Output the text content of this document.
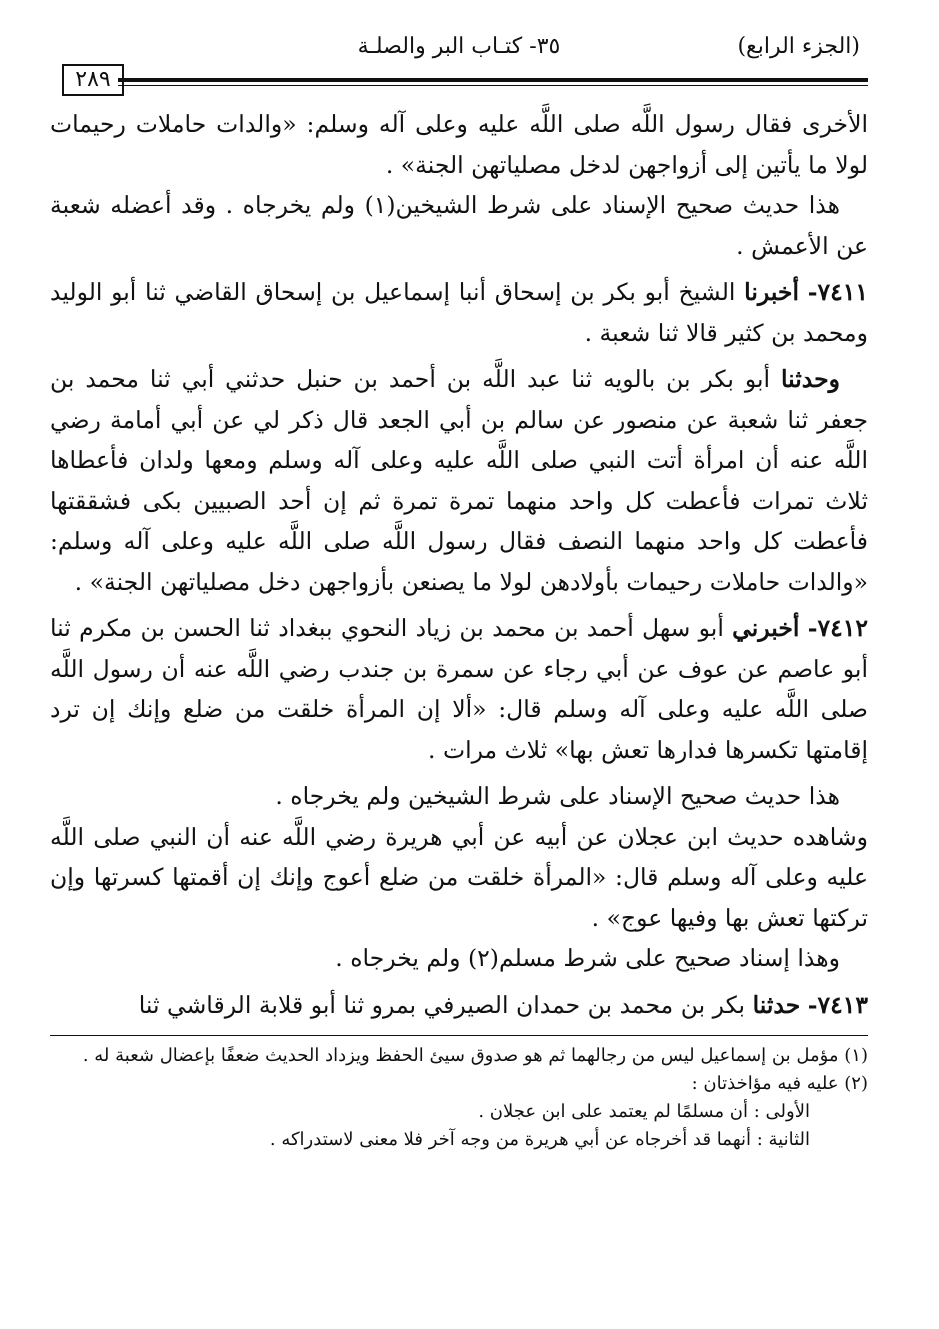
(الجزء الرابع)
٣٥- كتـاب البر والصلـة
٢٨٩

الأخرى فقال رسول اللَّه صلى اللَّه عليه وعلى آله وسلم: «والدات حاملات رحيمات لولا ما يأتين إلى أزواجهن لدخل مصلياتهن الجنة» .

هذا حديث صحيح الإسناد على شرط الشيخين(١) ولم يخرجاه . وقد أعضله شعبة عن الأعمش .

٧٤١١- أخبرنا الشيخ أبو بكر بن إسحاق أنبا إسماعيل بن إسحاق القاضي ثنا أبو الوليد ومحمد بن كثير قالا ثنا شعبة .

وحدثنا أبو بكر بن بالويه ثنا عبد اللَّه بن أحمد بن حنبل حدثني أبي ثنا محمد بن جعفر ثنا شعبة عن منصور عن سالم بن أبي الجعد قال ذكر لي عن أبي أمامة رضي اللَّه عنه أن امرأة أتت النبي صلى اللَّه عليه وعلى آله وسلم ومعها ولدان فأعطاها ثلاث تمرات فأعطت كل واحد منهما تمرة تمرة ثم إن أحد الصبيين بكى فشققتها فأعطت كل واحد منهما النصف فقال رسول اللَّه صلى اللَّه عليه وعلى آله وسلم: «والدات حاملات رحيمات بأولادهن لولا ما يصنعن بأزواجهن دخل مصلياتهن الجنة» .

٧٤١٢- أخبرني أبو سهل أحمد بن محمد بن زياد النحوي ببغداد ثنا الحسن بن مكرم ثنا أبو عاصم عن عوف عن أبي رجاء عن سمرة بن جندب رضي اللَّه عنه أن رسول اللَّه صلى اللَّه عليه وعلى آله وسلم قال: «ألا إن المرأة خلقت من ضلع وإنك إن ترد إقامتها تكسرها فدارها تعش بها» ثلاث مرات .

هذا حديث صحيح الإسناد على شرط الشيخين ولم يخرجاه .

وشاهده حديث ابن عجلان عن أبيه عن أبي هريرة رضي اللَّه عنه أن النبي صلى اللَّه عليه وعلى آله وسلم قال: «المرأة خلقت من ضلع أعوج وإنك إن أقمتها كسرتها وإن تركتها تعش بها وفيها عوج» .

وهذا إسناد صحيح على شرط مسلم(٢) ولم يخرجاه .

٧٤١٣- حدثنا بكر بن محمد بن حمدان الصيرفي بمرو ثنا أبو قلابة الرقاشي ثنا

(١) مؤمل بن إسماعيل ليس من رجالهما ثم هو صدوق سيئ الحفظ ويزداد الحديث ضعفًا بإعضال شعبة له .

(٢) عليه فيه مؤاخذتان :

الأولى : أن مسلمًا لم يعتمد على ابن عجلان .

الثانية : أنهما قد أخرجاه عن أبي هريرة من وجه آخر فلا معنى لاستدراكه .
